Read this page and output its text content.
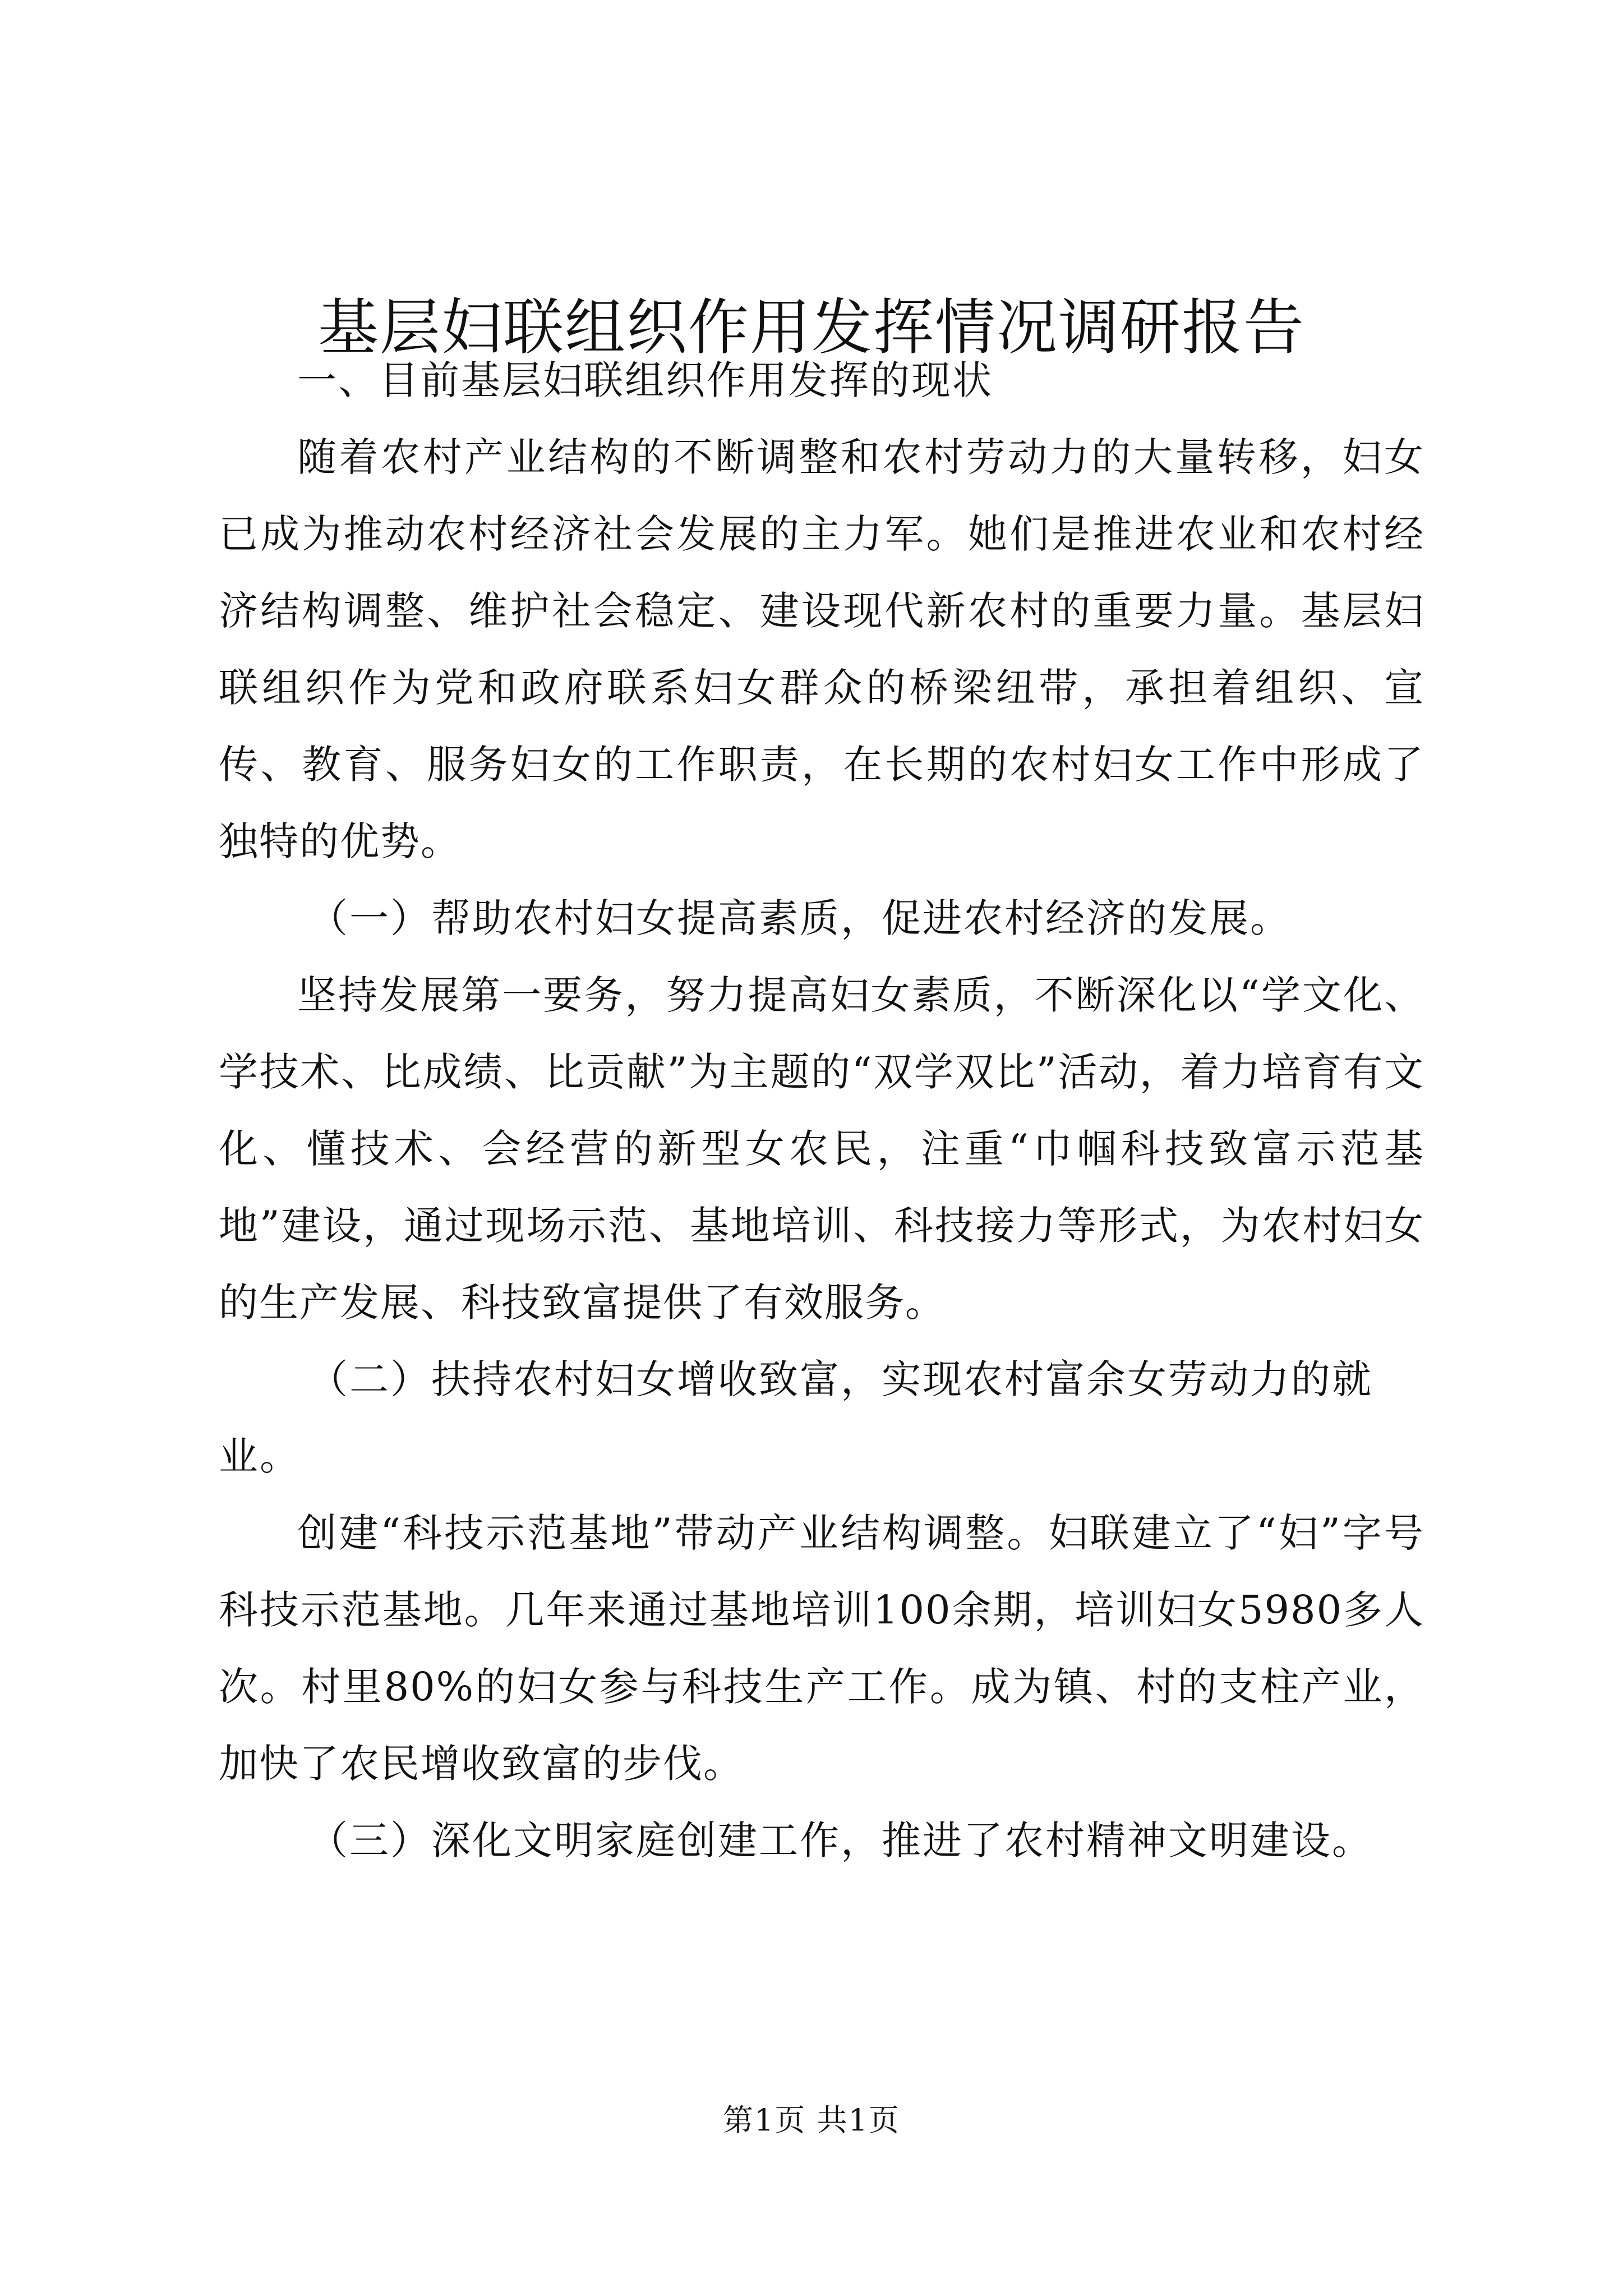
基层妇联组织作用发挥情况调研报告

一、目前基层妇联组织作用发挥的现状

随着农村产业结构的不断调整和农村劳动力的大量转移，妇女已成为推动农村经济社会发展的主力军。她们是推进农业和农村经济结构调整、维护社会稳定、建设现代新农村的重要力量。基层妇联组织作为党和政府联系妇女群众的桥梁纽带，承担着组织、宣传、教育、服务妇女的工作职责，在长期的农村妇女工作中形成了独特的优势。

（一）帮助农村妇女提高素质，促进农村经济的发展。

坚持发展第一要务，努力提高妇女素质，不断深化以“学文化、学技术、比成绩、比贡献”为主题的“双学双比”活动，着力培育有文化、懂技术、会经营的新型女农民，注重“巾帼科技致富示范基地”建设，通过现场示范、基地培训、科技接力等形式，为农村妇女的生产发展、科技致富提供了有效服务。

（二）扶持农村妇女增收致富，实现农村富余女劳动力的就业。

创建“科技示范基地”带动产业结构调整。妇联建立了“妇”字号科技示范基地。几年来通过基地培训100余期，培训妇女5980多人次。村里80%的妇女参与科技生产工作。成为镇、村的支柱产业，加快了农民增收致富的步伐。

（三）深化文明家庭创建工作，推进了农村精神文明建设。

第1页 共1页
